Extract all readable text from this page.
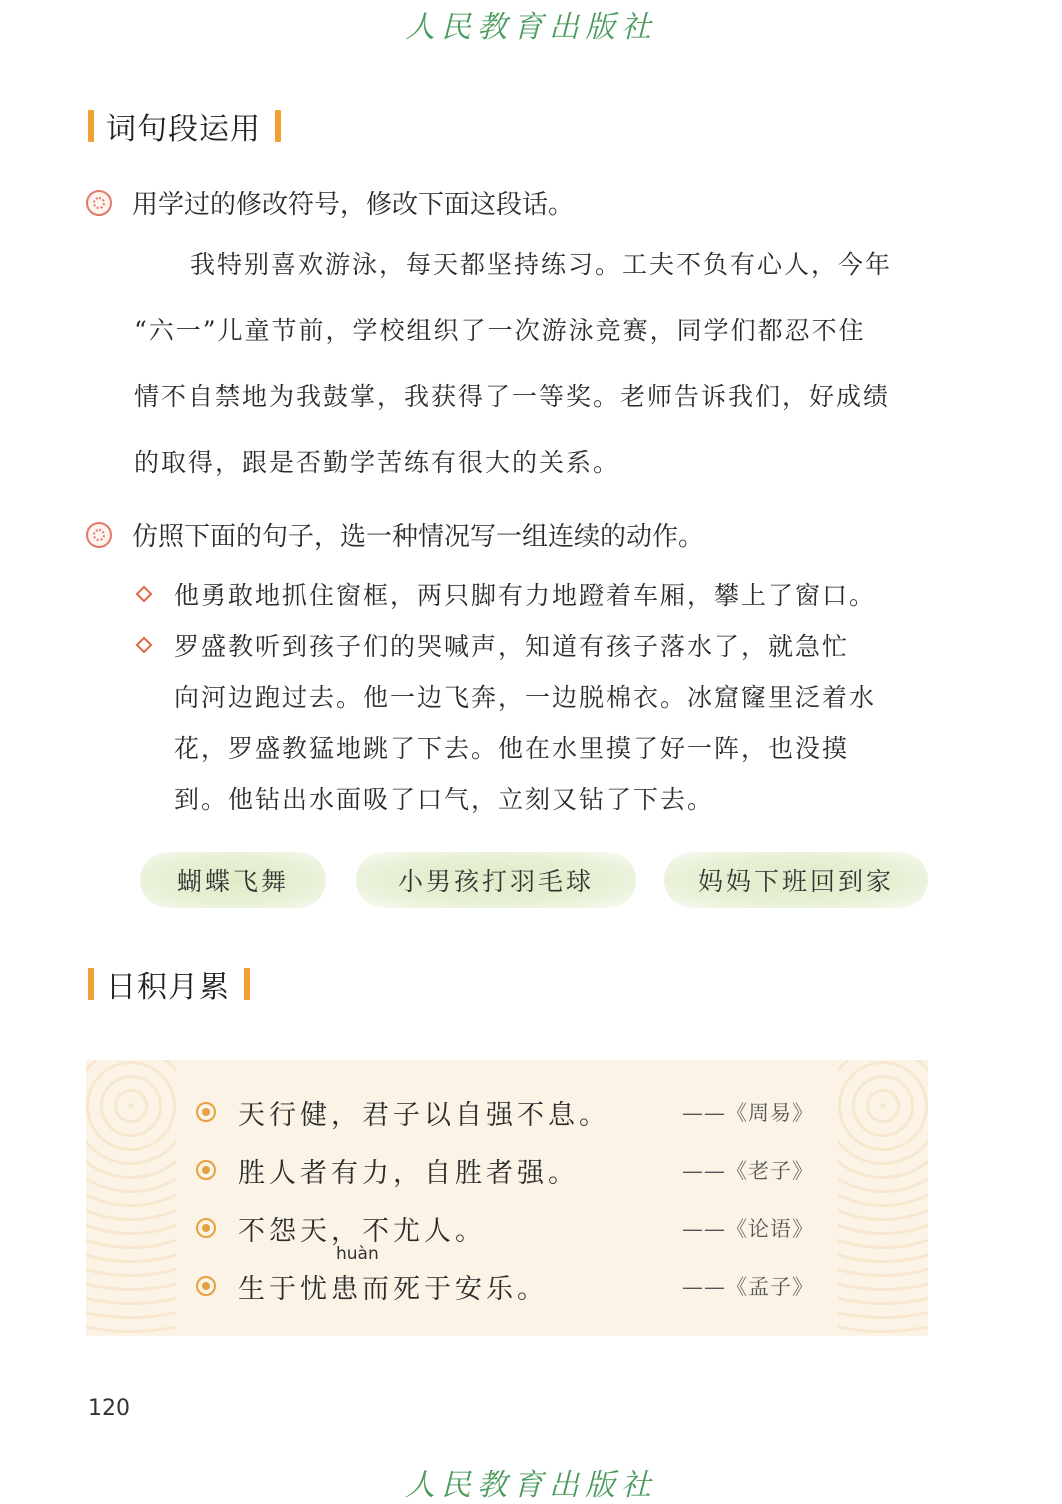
人民教育出版社
词句段运用
用学过的修改符号，修改下面这段话。
我特别喜欢游泳，每天都坚持练习。工夫不负有心人，今年
“六一”儿童节前，学校组织了一次游泳竞赛，同学们都忍不住
情不自禁地为我鼓掌，我获得了一等奖。老师告诉我们，好成绩
的取得，跟是否勤学苦练有很大的关系。
仿照下面的句子，选一种情况写一组连续的动作。
他勇敢地抓住窗框，两只脚有力地蹬着车厢，攀上了窗口。
罗盛教听到孩子们的哭喊声，知道有孩子落水了，就急忙
向河边跑过去。他一边飞奔，一边脱棉衣。冰窟窿里泛着水
花，罗盛教猛地跳了下去。他在水里摸了好一阵，也没摸
到。他钻出水面吸了口气，立刻又钻了下去。
蝴蝶飞舞	小男孩打羽毛球	妈妈下班回到家
日积月累
天行健，君子以自强不息。	——《周易》
胜人者有力，自胜者强。	——《老子》
不怨天，不尤人。	——《论语》
生于忧患而死于安乐。	——《孟子》
huàn
120
人民教育出版社
